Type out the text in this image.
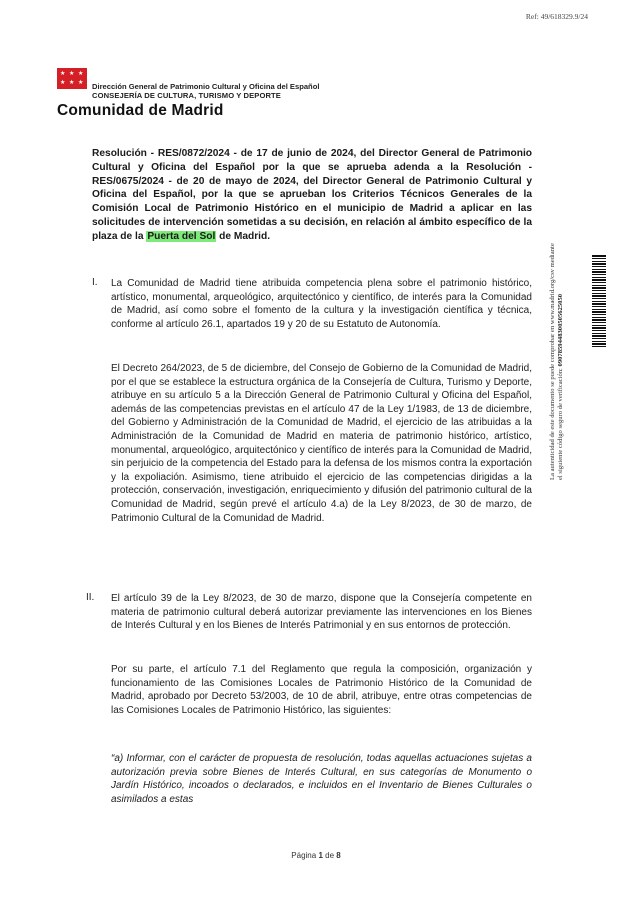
Ref: 49/618329.9/24
★ ★ ★
★ ★ ★ Dirección General de Patrimonio Cultural y Oficina del Español
CONSEJERÍA DE CULTURA, TURISMO Y DEPORTE
Comunidad de Madrid
Resolución - RES/0872/2024 - de 17 de junio de 2024, del Director General de Patrimonio Cultural y Oficina del Español por la que se aprueba adenda a la Resolución - RES/0675/2024 - de 20 de mayo de 2024, del Director General de Patrimonio Cultural y Oficina del Español, por la que se aprueban los Criterios Técnicos Generales de la Comisión Local de Patrimonio Histórico en el municipio de Madrid a aplicar en las solicitudes de intervención sometidas a su decisión, en relación al ámbito específico de la plaza de la Puerta del Sol de Madrid.
I. La Comunidad de Madrid tiene atribuida competencia plena sobre el patrimonio histórico, artístico, monumental, arqueológico, arquitectónico y científico, de interés para la Comunidad de Madrid, así como sobre el fomento de la cultura y la investigación científica y técnica, conforme al artículo 26.1, apartados 19 y 20 de su Estatuto de Autonomía.
El Decreto 264/2023, de 5 de diciembre, del Consejo de Gobierno de la Comunidad de Madrid, por el que se establece la estructura orgánica de la Consejería de Cultura, Turismo y Deporte, atribuye en su artículo 5 a la Dirección General de Patrimonio Cultural y Oficina del Español, además de las competencias previstas en el artículo 47 de la Ley 1/1983, de 13 de diciembre, del Gobierno y Administración de la Comunidad de Madrid, el ejercicio de las atribuidas a la Administración de la Comunidad de Madrid en materia de patrimonio histórico, artístico, monumental, arqueológico, arquitectónico y científico de interés para la Comunidad de Madrid, sin perjuicio de la competencia del Estado para la defensa de los mismos contra la exportación y la expoliación. Asimismo, tiene atribuido el ejercicio de las competencias dirigidas a la protección, conservación, investigación, enriquecimiento y difusión del patrimonio cultural de la Comunidad de Madrid, según prevé el artículo 4.a) de la Ley 8/2023, de 30 de marzo, de Patrimonio Cultural de la Comunidad de Madrid.
II. El artículo 39 de la Ley 8/2023, de 30 de marzo, dispone que la Consejería competente en materia de patrimonio cultural deberá autorizar previamente las intervenciones en los Bienes de Interés Cultural y en los Bienes de Interés Patrimonial y en sus entornos de protección.
Por su parte, el artículo 7.1 del Reglamento que regula la composición, organización y funcionamiento de las Comisiones Locales de Patrimonio Histórico de la Comunidad de Madrid, aprobado por Decreto 53/2003, de 10 de abril, atribuye, entre otras competencias de las Comisiones Locales de Patrimonio Histórico, las siguientes:
“a) Informar, con el carácter de propuesta de resolución, todas aquellas actuaciones sujetas a autorización previa sobre Bienes de Interés Cultural, en sus categorías de Monumento o Jardín Histórico, incoados o declarados, e incluidos en el Inventario de Bienes Culturales o asimilados a estas
La autenticidad de este documento se puede comprobar en www.madrid.org/csv mediante el siguiente código seguro de verificación: 0907859448300505625050
Página 1 de 8
